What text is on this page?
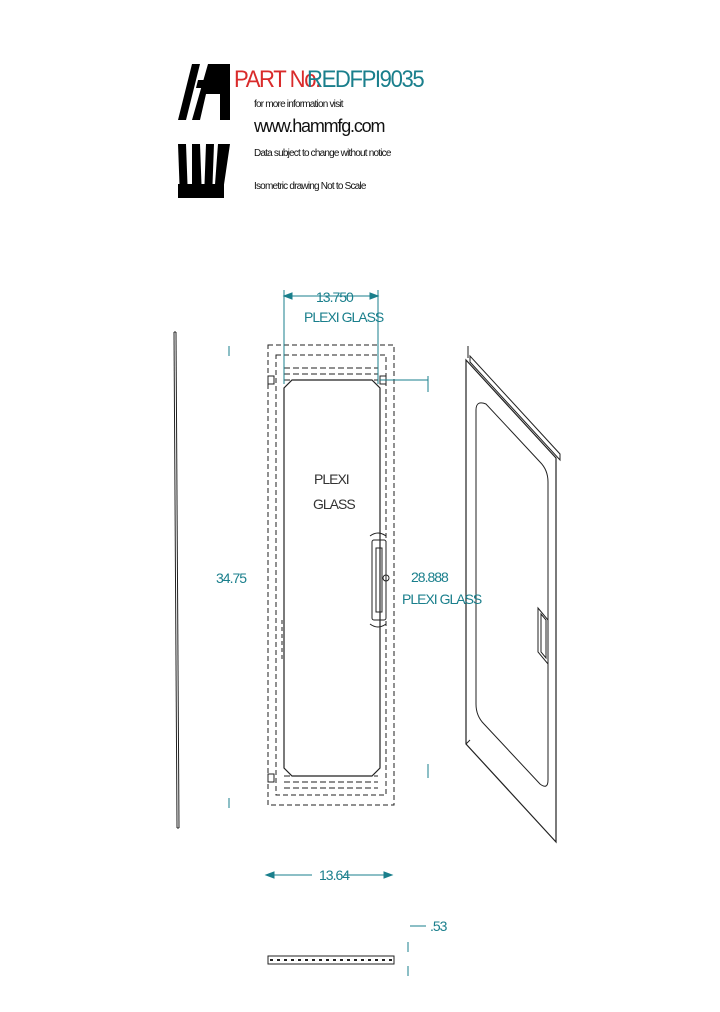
PART No.
REDFPI9035
for more information visit
www.hammfg.com
Data subject to change without notice
Isometric drawing Not to Scale
13.750
PLEXI GLASS
PLEXI
GLASS
34.75	28.888
PLEXI GLASS
13.64
.53
